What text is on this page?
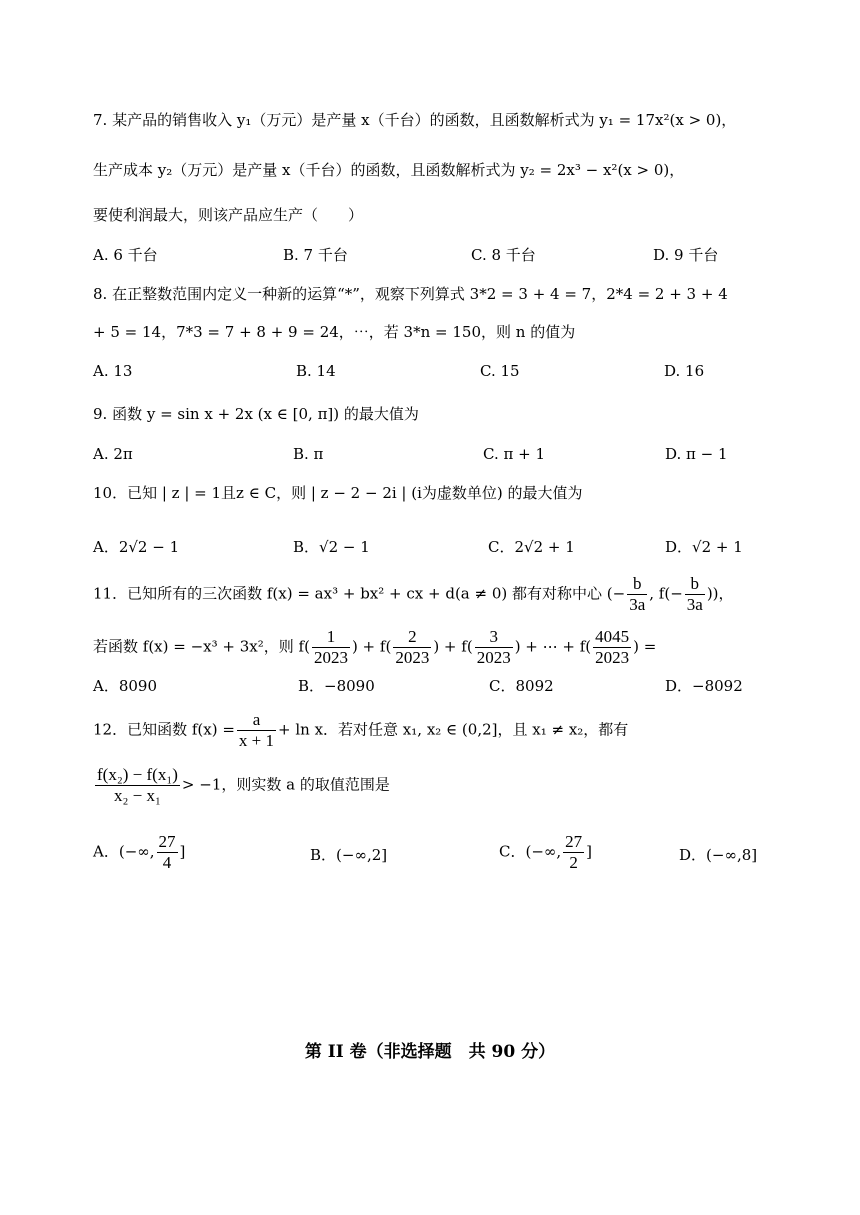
7. 某产品的销售收入 y₁（万元）是产量 x（千台）的函数，且函数解析式为 y₁ = 17x²(x > 0)，
生产成本 y₂（万元）是产量 x（千台）的函数，且函数解析式为 y₂ = 2x³ − x²(x > 0)，
要使利润最大，则该产品应生产（　　）
A. 6 千台	B. 7 千台	C. 8 千台	D. 9 千台
8. 在正整数范围内定义一种新的运算“*”，观察下列算式 3*2 = 3 + 4 = 7，2*4 = 2 + 3 + 4
+ 5 = 14，7*3 = 7 + 8 + 9 = 24，⋯，若 3*n = 150，则 n 的值为
A. 13	B. 14	C. 15	D. 16
9. 函数 y = sin x + 2x (x ∈ [0, π]) 的最大值为
A. 2π	B. π	C. π + 1	D. π − 1
10．已知 | z | = 1且z ∈ C，则 | z − 2 − 2i | (i为虚数单位) 的最大值为
A．2√2 − 1	B．√2 − 1	C．2√2 + 1	D．√2 + 1
11．已知所有的三次函数 f(x) = ax³ + bx² + cx + d(a ≠ 0) 都有对称中心 (− $\frac{b}{3a}$ , $f(- \frac{b}{3a}$ ))，
若函数 f(x) = −x³ + 3x²，则 $f( \frac{1}{2023}$ ) + $f( \frac{2}{2023}$ ) + $f( \frac{3}{2023}$ ) + ⋯ + $f( \frac{4045}{2023}$ ) =
A．8090	B．−8090	C．8092	D．−8092
12．已知函数 $f(x) = \frac{a}{x + 1} + \ln x$．若对任意 x₁, x₂ ∈ (0,2]，且 x₁ ≠ x₂，都有
$\frac{\text{f(x₂) − f(x₁)}}{\text{x₂ − x₁}} > -1$，则实数 a 的取值范围是
A．(−∞, $\frac{27}{4}$ ]	B．(−∞,2]	C．(−∞, $\frac{27}{2}$ ]	D．(−∞,8]
第 II 卷（非选择题　共 90 分）
